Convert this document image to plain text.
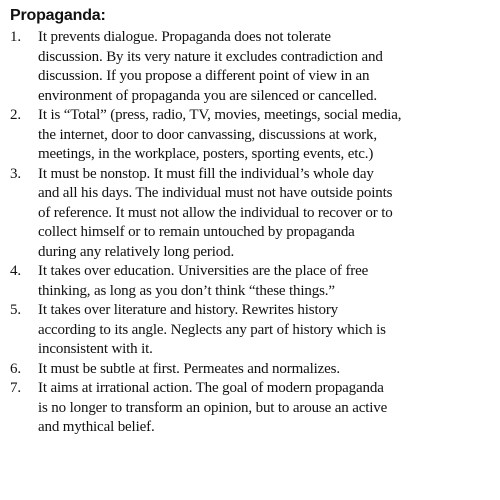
Propaganda:
1. It prevents dialogue. Propaganda does not tolerate
discussion. By its very nature it excludes contradiction and
discussion. If you propose a different point of view in an
environment of propaganda you are silenced or cancelled.
2. It is “Total” (press, radio, TV, movies, meetings, social media,
the internet, door to door canvassing, discussions at work,
meetings, in the workplace, posters, sporting events, etc.)
3. It must be nonstop. It must fill the individual’s whole day
and all his days. The individual must not have outside points
of reference. It must not allow the individual to recover or to
collect himself or to remain untouched by propaganda
during any relatively long period.
4. It takes over education. Universities are the place of free
thinking, as long as you don’t think “these things.”
5. It takes over literature and history. Rewrites history
according to its angle. Neglects any part of history which is
inconsistent with it.
6. It must be subtle at first. Permeates and normalizes.
7. It aims at irrational action. The goal of modern propaganda
is no longer to transform an opinion, but to arouse an active
and mythical belief.
